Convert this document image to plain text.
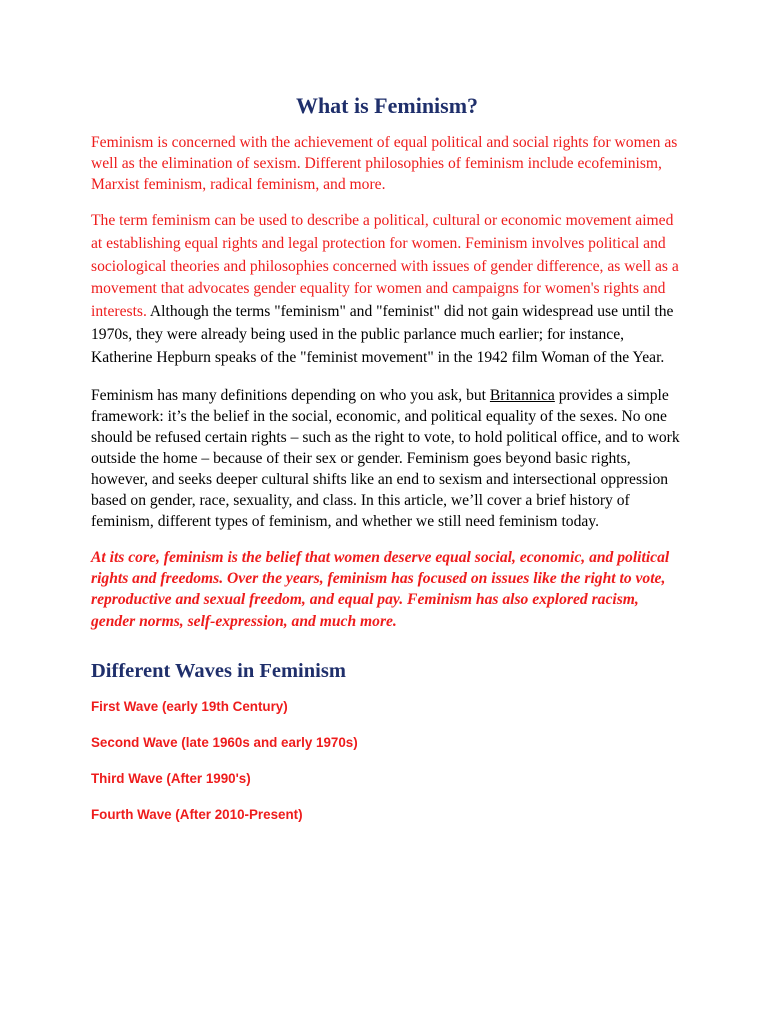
What is Feminism?

Feminism is concerned with the achievement of equal political and social rights for women as well as the elimination of sexism. Different philosophies of feminism include ecofeminism, Marxist feminism, radical feminism, and more.

The term feminism can be used to describe a political, cultural or economic movement aimed at establishing equal rights and legal protection for women. Feminism involves political and sociological theories and philosophies concerned with issues of gender difference, as well as a movement that advocates gender equality for women and campaigns for women's rights and interests. Although the terms "feminism" and "feminist" did not gain widespread use until the 1970s, they were already being used in the public parlance much earlier; for instance, Katherine Hepburn speaks of the "feminist movement" in the 1942 film Woman of the Year.

Feminism has many definitions depending on who you ask, but Britannica provides a simple framework: it’s the belief in the social, economic, and political equality of the sexes. No one should be refused certain rights – such as the right to vote, to hold political office, and to work outside the home – because of their sex or gender. Feminism goes beyond basic rights, however, and seeks deeper cultural shifts like an end to sexism and intersectional oppression based on gender, race, sexuality, and class. In this article, we’ll cover a brief history of feminism, different types of feminism, and whether we still need feminism today.

At its core, feminism is the belief that women deserve equal social, economic, and political rights and freedoms. Over the years, feminism has focused on issues like the right to vote, reproductive and sexual freedom, and equal pay. Feminism has also explored racism, gender norms, self-expression, and much more.

Different Waves in Feminism
First Wave (early 19th Century)
Second Wave (late 1960s and early 1970s)
Third Wave (After 1990's)
Fourth Wave (After 2010-Present)
